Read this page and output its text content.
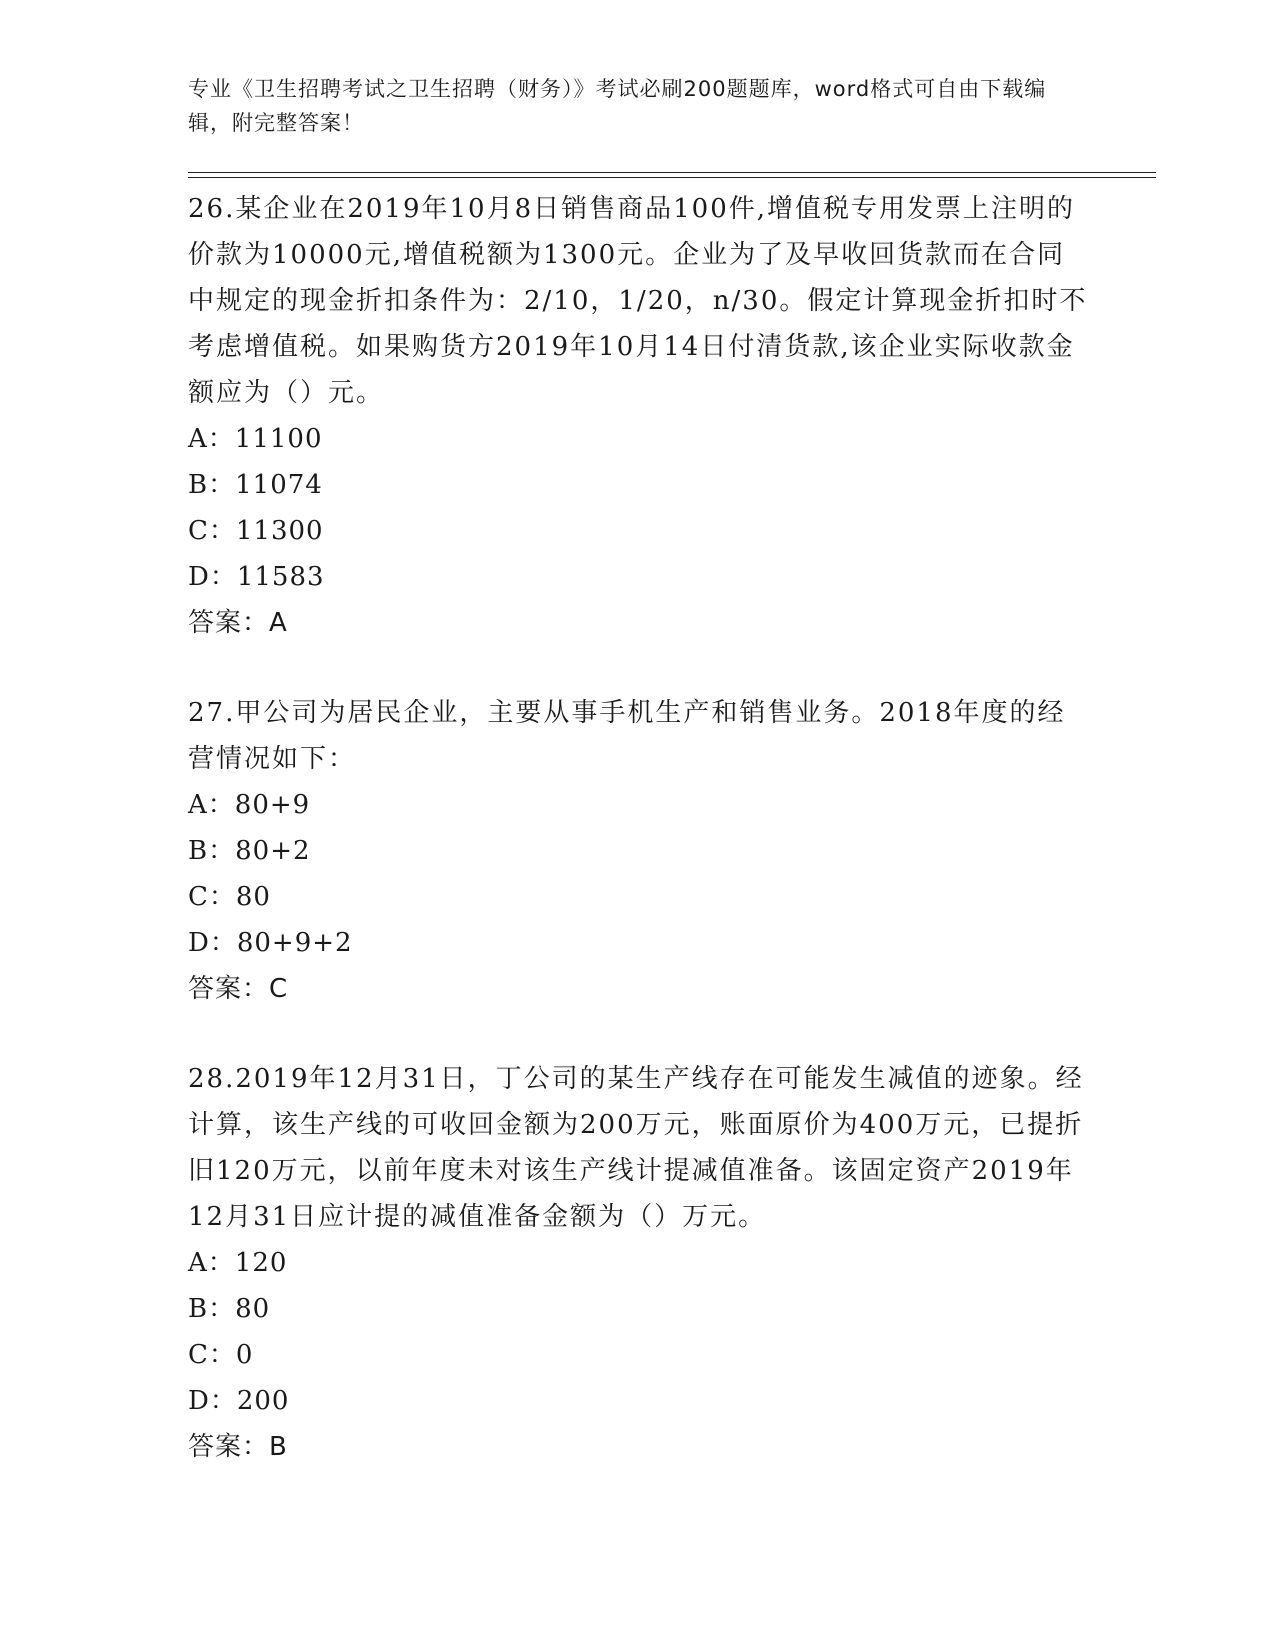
专业《卫生招聘考试之卫生招聘（财务）》考试必刷200题题库，word格式可自由下载编辑，附完整答案！

26.某企业在2019年10月8日销售商品100件,增值税专用发票上注明的价款为10000元,增值税额为1300元。企业为了及早收回货款而在合同中规定的现金折扣条件为：2/10，1/20，n/30。假定计算现金折扣时不考虑增值税。如果购货方2019年10月14日付清货款,该企业实际收款金额应为（）元。

A：11100

B：11074

C：11300

D：11583

答案：A

27.甲公司为居民企业，主要从事手机生产和销售业务。2018年度的经营情况如下：

A：80+9

B：80+2

C：80

D：80+9+2

答案：C

28.2019年12月31日，丁公司的某生产线存在可能发生减值的迹象。经计算，该生产线的可收回金额为200万元，账面原价为400万元，已提折旧120万元，以前年度未对该生产线计提减值准备。该固定资产2019年12月31日应计提的减值准备金额为（）万元。

A：120

B：80

C：0

D：200

答案：B
